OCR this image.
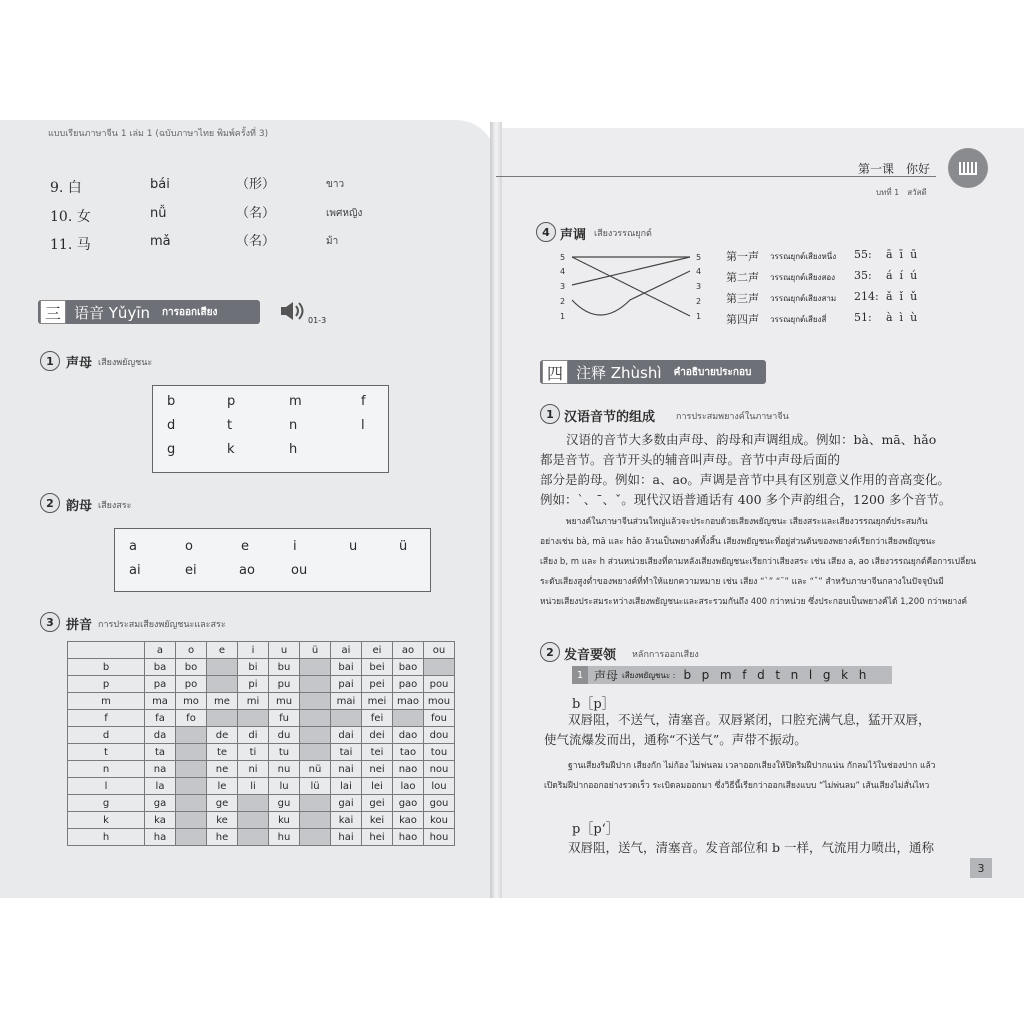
แบบเรียนภาษาจีน 1 เล่ม 1 (ฉบับภาษาไทย พิมพ์ครั้งที่ 3)
9. 白	bái	（形）	ขาว
10. 女	nǚ	（名）	เพศหญิง
11. 马	mǎ	（名）	ม้า
三 语音 Yǔyīn การออกเสียง
01-3
1 声母 เสียงพยัญชนะ
b	p	m	f
d	t	n	l
g	k	h
2 韵母 เสียงสระ
a	o	e	i	u	ü
ai	ei	ao	ou
3 拼音 การประสมเสียงพยัญชนะและสระ
	a	o	e	i	u	ü	ai	ei	ao	ou
b	ba	bo		bi	bu		bai	bei	bao	
p	pa	po		pi	pu		pai	pei	pao	pou
m	ma	mo	me	mi	mu		mai	mei	mao	mou
f	fa	fo			fu			fei		fou
d	da		de	di	du		dai	dei	dao	dou
t	ta		te	ti	tu		tai	tei	tao	tou
n	na		ne	ni	nu	nü	nai	nei	nao	nou
l	la		le	li	lu	lü	lai	lei	lao	lou
g	ga		ge		gu		gai	gei	gao	gou
k	ka		ke		ku		kai	kei	kao	kou
h	ha		he		hu		hai	hei	hao	hou
第一课　你好
บทที่ 1　สวัสดี
4 声调 เสียงวรรณยุกต์
5
4
3
2
1
5
4
3
2
1
第一声 วรรณยุกต์เสียงหนึ่ง 55: ā  ī  ū
第二声 วรรณยุกต์เสียงสอง 35: á  í  ú
第三声 วรรณยุกต์เสียงสาม 214: ǎ  ǐ  ǔ
第四声 วรรณยุกต์เสียงสี่	51: à  ì  ù
四 注释 Zhùshì คำอธิบายประกอบ
1 汉语音节的组成 การประสมพยางค์ในภาษาจีน
汉语的音节大多数由声母、韵母和声调组成。例如：bà、mā、hǎo
都是音节。音节开头的辅音叫声母。音节中声母后面的
部分是韵母。例如：a、ao。声调是音节中具有区别意义作用的音高变化。
例如：ˋ、ˉ、ˇ。现代汉语普通话有 400 多个声韵组合，1200 多个音节。
พยางค์ในภาษาจีนส่วนใหญ่แล้วจะประกอบด้วยเสียงพยัญชนะ เสียงสระและเสียงวรรณยุกต์ประสมกัน
อย่างเช่น bà, mā และ hǎo ล้วนเป็นพยางค์ทั้งสิ้น เสียงพยัญชนะที่อยู่ส่วนต้นของพยางค์เรียกว่าเสียงพยัญชนะ
เสียง b, m และ h ส่วนหน่วยเสียงที่ตามหลังเสียงพยัญชนะเรียกว่าเสียงสระ เช่น เสียง a, ao เสียงวรรณยุกต์คือการเปลี่ยน
ระดับเสียงสูงต่ำของพยางค์ที่ทำให้แยกความหมาย เช่น เสียง “ˋ” “ˉ” และ “ˇ” สำหรับภาษาจีนกลางในปัจจุบันมี
หน่วยเสียงประสมระหว่างเสียงพยัญชนะและสระรวมกันถึง 400 กว่าหน่วย ซึ่งประกอบเป็นพยางค์ได้ 1,200 กว่าพยางค์
2 发音要领 หลักการออกเสียง
1 声母 เสียงพยัญชนะ : b  p  m  f  d  t  n  l  g  k  h
b［p］
双唇阻，不送气，清塞音。双唇紧闭，口腔充满气息，猛开双唇，
使气流爆发而出，通称“不送气”。声带不振动。
ฐานเสียงริมฝีปาก เสียงกัก ไม่ก้อง ไม่พ่นลม เวลาออกเสียงให้ปิดริมฝีปากแน่น กักลมไว้ในช่องปาก แล้ว
เปิดริมฝีปากออกอย่างรวดเร็ว ระเบิดลมออกมา ซึ่งวิธีนี้เรียกว่าออกเสียงแบบ “ไม่พ่นลม” เส้นเสียงไม่สั่นไหว
p［p‘］
双唇阻，送气，清塞音。发音部位和 b 一样，气流用力喷出，通称
3
